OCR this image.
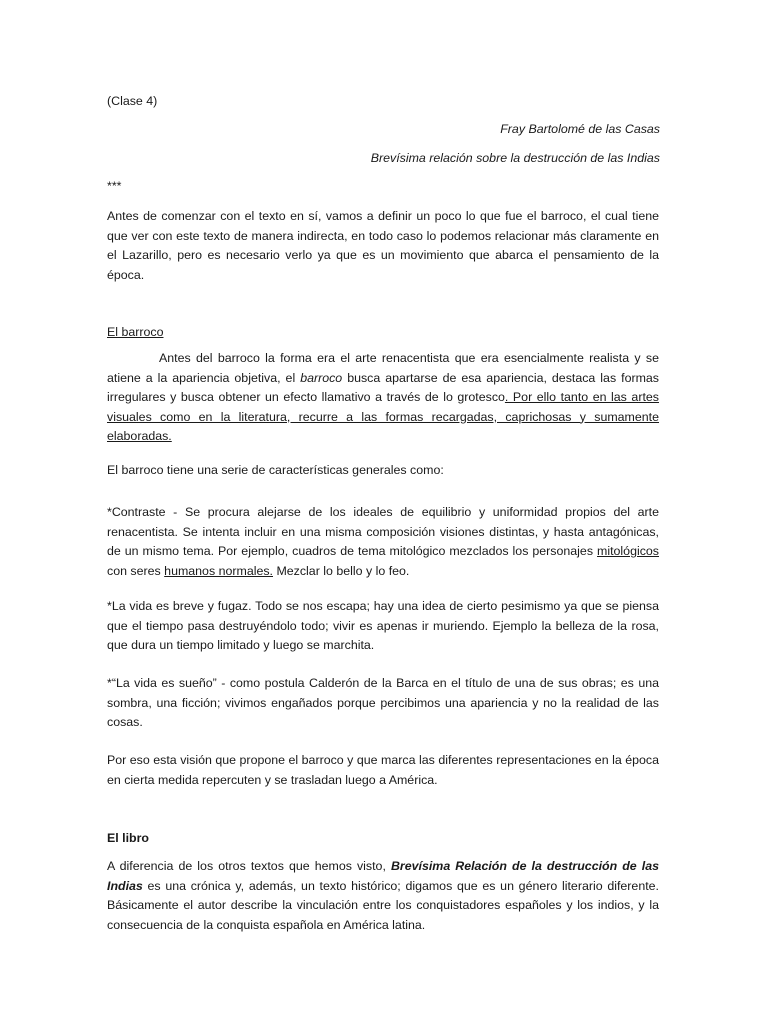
(Clase 4)
Fray Bartolomé de las Casas
Brevísima relación sobre la destrucción de las Indias
***
Antes de comenzar con el texto en sí, vamos a definir un poco lo que fue el barroco, el cual tiene que ver con este texto de manera indirecta, en todo caso lo podemos relacionar más claramente en el Lazarillo, pero es necesario verlo ya que es un movimiento que abarca el pensamiento de la época.
El barroco
Antes del barroco la forma era el arte renacentista que era esencialmente realista y se atiene a la apariencia objetiva, el barroco busca apartarse de esa apariencia, destaca las formas irregulares y busca obtener un efecto llamativo a través de lo grotesco. Por ello tanto en las artes visuales como en la literatura, recurre a las formas recargadas, caprichosas y sumamente elaboradas.
El barroco tiene una serie de características generales como:
*Contraste - Se procura alejarse de los ideales de equilibrio y uniformidad propios del arte renacentista. Se intenta incluir en una misma composición visiones distintas, y hasta antagónicas, de un mismo tema. Por ejemplo, cuadros de tema mitológico mezclados los personajes mitológicos con seres humanos normales. Mezclar lo bello y lo feo.
*La vida es breve y fugaz. Todo se nos escapa; hay una idea de cierto pesimismo ya que se piensa que el tiempo pasa destruyéndolo todo; vivir es apenas ir muriendo. Ejemplo la belleza de la rosa, que dura un tiempo limitado y luego se marchita.
*“La vida es sueño” - como postula Calderón de la Barca en el título de una de sus obras; es una sombra, una ficción; vivimos engañados porque percibimos una apariencia y no la realidad de las cosas.
Por eso esta visión que propone el barroco y que marca las diferentes representaciones en la época en cierta medida repercuten y se trasladan luego a América.
El libro
A diferencia de los otros textos que hemos visto, Brevísima Relación de la destrucción de las Indias es una crónica y, además, un texto histórico; digamos que es un género literario diferente. Básicamente el autor describe la vinculación entre los conquistadores españoles y los indios, y la consecuencia de la conquista española en América latina.
